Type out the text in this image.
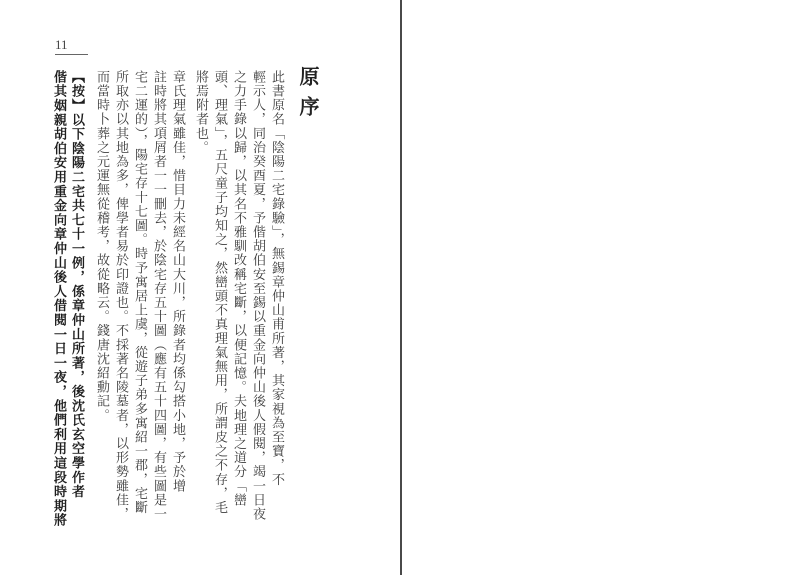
11
原序
此書原名「陰陽二宅錄驗」，無錫章仲山甫所著，其家視為至寶，不
輕示人，同治癸酉夏，予偕胡伯安至錫以重金向仲山後人假閱，竭一日夜
之力手錄以歸，以其名不雅馴改稱宅斷，以便記憶。夫地理之道分「巒
頭、理氣」，五尺童子均知之，然巒頭不真理氣無用，所謂皮之不存，毛
將焉附者也。
章氏理氣雖佳，惜目力未經名山大川，所錄者均係勾搭小地，予於增
註時將其項屑者一一刪去，於陰宅存五十圖（應有五十四圖，有些圖是一
宅二運的），陽宅存十七圖。時予寓居上虞，從遊子弟多寓紹一郡，宅斷
所取亦以其地為多，俾學者易於印證也。不採著名陵墓者，以形勢雖佳，
而當時卜葬之元運無從稽考，故從略云。錢唐沈紹勳記。
【按】以下陰陽二宅共七十一例，係章仲山所著，後沈氏玄空學作者
偕其姻親胡伯安用重金向章仲山後人借閱一日一夜，他們利用這段時期將
